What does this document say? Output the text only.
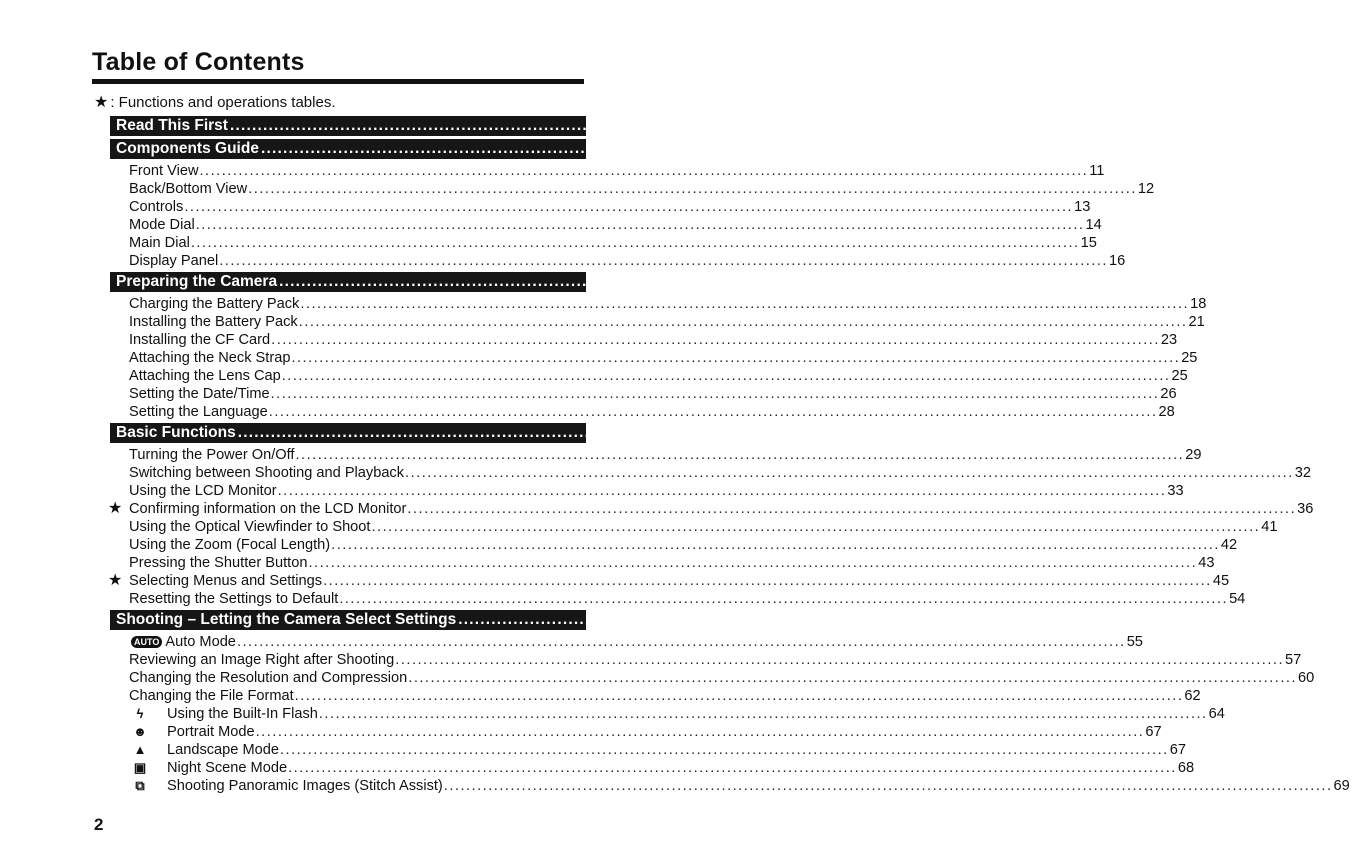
Table of Contents
★ : Functions and operations tables.
Read This First ................................................................................................................................................................ 5
Components Guide ................................................................................................................................................................ 11
Front View ................................................................................................................................................................ 11
Back/Bottom View ................................................................................................................................................................ 12
Controls ................................................................................................................................................................ 13
Mode Dial ................................................................................................................................................................ 14
Main Dial ................................................................................................................................................................ 15
Display Panel ................................................................................................................................................................ 16
Preparing the Camera ................................................................................................................................................................ 18
Charging the Battery Pack ................................................................................................................................................................ 18
Installing the Battery Pack ................................................................................................................................................................ 21
Installing the CF Card ................................................................................................................................................................ 23
Attaching the Neck Strap ................................................................................................................................................................ 25
Attaching the Lens Cap ................................................................................................................................................................ 25
Setting the Date/Time ................................................................................................................................................................ 26
Setting the Language ................................................................................................................................................................ 28
Basic Functions ................................................................................................................................................................ 29
Turning the Power On/Off ................................................................................................................................................................ 29
Switching between Shooting and Playback ................................................................................................................................................................ 32
Using the LCD Monitor ................................................................................................................................................................ 33
★ Confirming information on the LCD Monitor ................................................................................................................................................................ 36
Using the Optical Viewfinder to Shoot ................................................................................................................................................................ 41
Using the Zoom (Focal Length) ................................................................................................................................................................ 42
Pressing the Shutter Button ................................................................................................................................................................ 43
★ Selecting Menus and Settings ................................................................................................................................................................ 45
Resetting the Settings to Default ................................................................................................................................................................ 54
Shooting – Letting the Camera Select Settings ................................................................................................................................................................ 55
AUTO Auto Mode ................................................................................................................................................................ 55
Reviewing an Image Right after Shooting ................................................................................................................................................................ 57
Changing the Resolution and Compression ................................................................................................................................................................ 60
Changing the File Format ................................................................................................................................................................ 62
ϟ	Using the Built-In Flash ................................................................................................................................................................ 64
☻	Portrait Mode ................................................................................................................................................................ 67
▲	Landscape Mode ................................................................................................................................................................ 67
▣	Night Scene Mode ................................................................................................................................................................ 68
⧉	Shooting Panoramic Images (Stitch Assist) ................................................................................................................................................................ 69
2
